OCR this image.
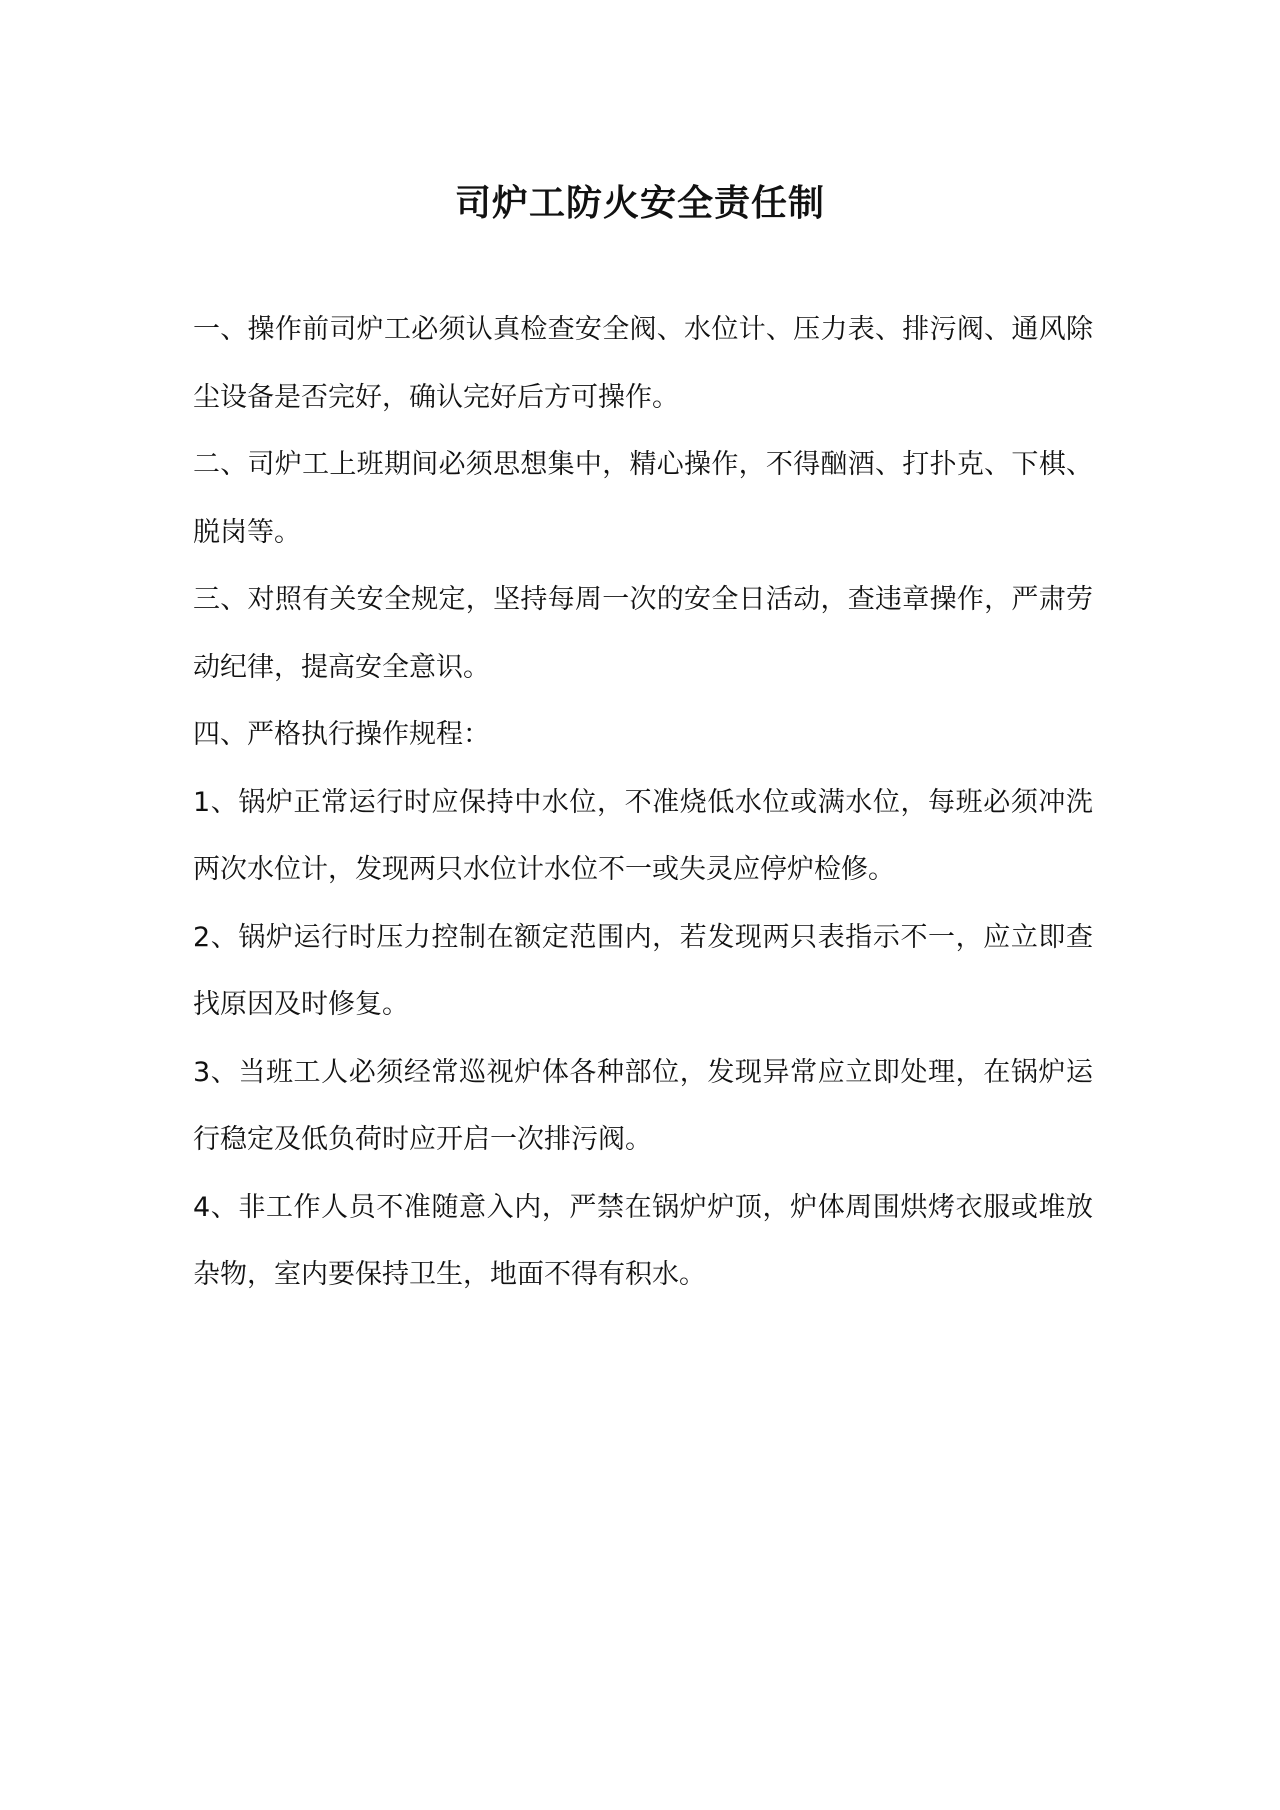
司炉工防火安全责任制

一、操作前司炉工必须认真检查安全阀、水位计、压力表、排污阀、通风除尘设备是否完好，确认完好后方可操作。

二、司炉工上班期间必须思想集中，精心操作，不得酗酒、打扑克、下棋、脱岗等。

三、对照有关安全规定，坚持每周一次的安全日活动，查违章操作，严肃劳动纪律，提高安全意识。

四、严格执行操作规程：

1、锅炉正常运行时应保持中水位，不准烧低水位或满水位，每班必须冲洗两次水位计，发现两只水位计水位不一或失灵应停炉检修。

2、锅炉运行时压力控制在额定范围内，若发现两只表指示不一，应立即查找原因及时修复。

3、当班工人必须经常巡视炉体各种部位，发现异常应立即处理，在锅炉运行稳定及低负荷时应开启一次排污阀。

4、非工作人员不准随意入内，严禁在锅炉炉顶，炉体周围烘烤衣服或堆放杂物，室内要保持卫生，地面不得有积水。
